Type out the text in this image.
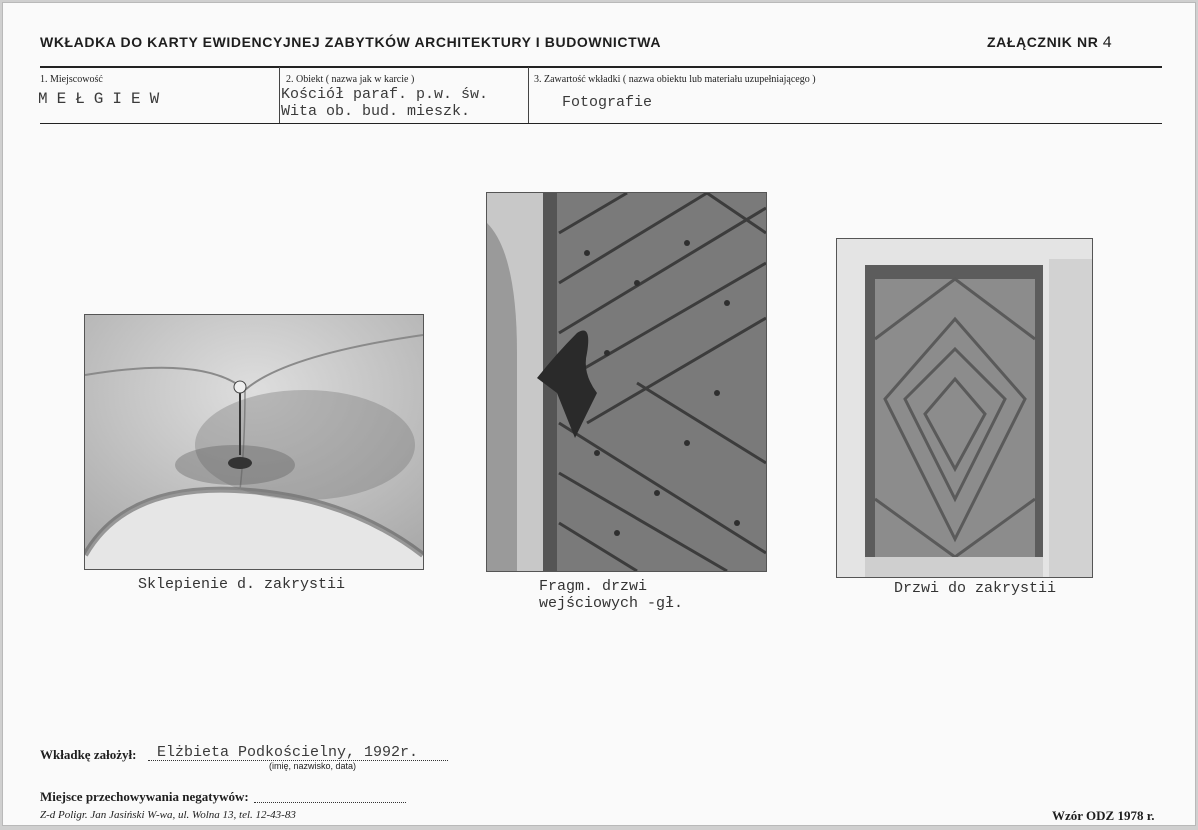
WKŁADKA DO KARTY EWIDENCYJNEJ ZABYTKÓW ARCHITEKTURY I BUDOWNICTWA	ZAŁĄCZNIK NR 4
1. Miejscowość
MEŁGIEW
2. Obiekt ( nazwa jak w karcie )
Kościół paraf. p.w. św.
Wita ob. bud. mieszk.
3. Zawartość wkładki ( nazwa obiektu lub materiału uzupełniającego )
Fotografie
Sklepienie d. zakrystii	Fragm. drzwi
wejściowych -gł.
Drzwi do zakrystii
Wkładkę założył: Elżbieta Podkościelny, 1992r.
(imię, nazwisko, data)
Miejsce przechowywania negatywów:
Z-d Poligr. Jan Jasiński W-wa, ul. Wolna 13, tel. 12-43-83	Wzór ODZ 1978 r.
